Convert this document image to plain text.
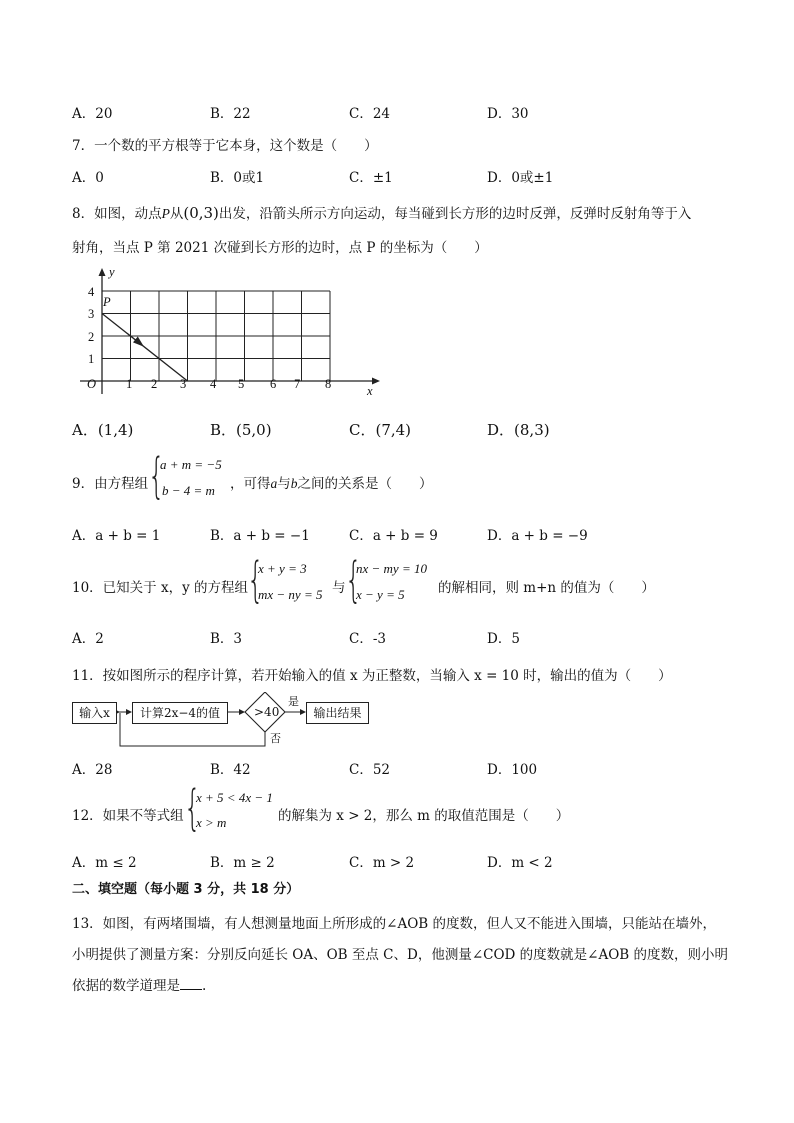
A．20	B．22	C．24	D．30
7．一个数的平方根等于它本身，这个数是（　　）
A．0	B．0或1	C．±1	D．0或±1
8．如图，动点P从(0,3)出发，沿箭头所示方向运动，每当碰到长方形的边时反弹，反弹时反射角等于入
射角，当点 P 第 2021 次碰到长方形的边时，点 P 的坐标为（　　）
y
x
O
P
4
3
2
1
1 2 3 4 5 6 7 8
A．(1,4)	B．(5,0)	C．(7,4)	D．(8,3)
9．由方程组 {
a + m = −5
b − 4 = m ，可得a与b之间的关系是（　　）
A．a + b = 1	B．a + b = −1	C．a + b = 9	D．a + b = −9
10．已知关于 x，y 的方程组
{
x + y = 3
mx − ny = 5 与 {
nx − my = 10
x − y = 5 的解相同，则 m+n 的值为（　　）
A．2	B．3	C．-3	D．5
11．按如图所示的程序计算，若开始输入的值 x 为正整数，当输入 x = 10 时，输出的值为（　　）
输入x	计算2x−4的值	>40
是
否
输出结果
A．28	B．42	C．52	D．100
12．如果不等式组 {
x + 5 < 4x − 1
x > m	的解集为 x > 2，那么 m 的取值范围是（　　）
A．m ≤ 2	B．m ≥ 2	C．m > 2	D．m < 2
二、填空题（每小题 3 分，共 18 分）
13．如图，有两堵围墙，有人想测量地面上所形成的∠AOB 的度数，但人又不能进入围墙，只能站在墙外，
小明提供了测量方案：分别反向延长 OA、OB 至点 C、D，他测量∠COD 的度数就是∠AOB 的度数，则小明
依据的数学道理是 .
